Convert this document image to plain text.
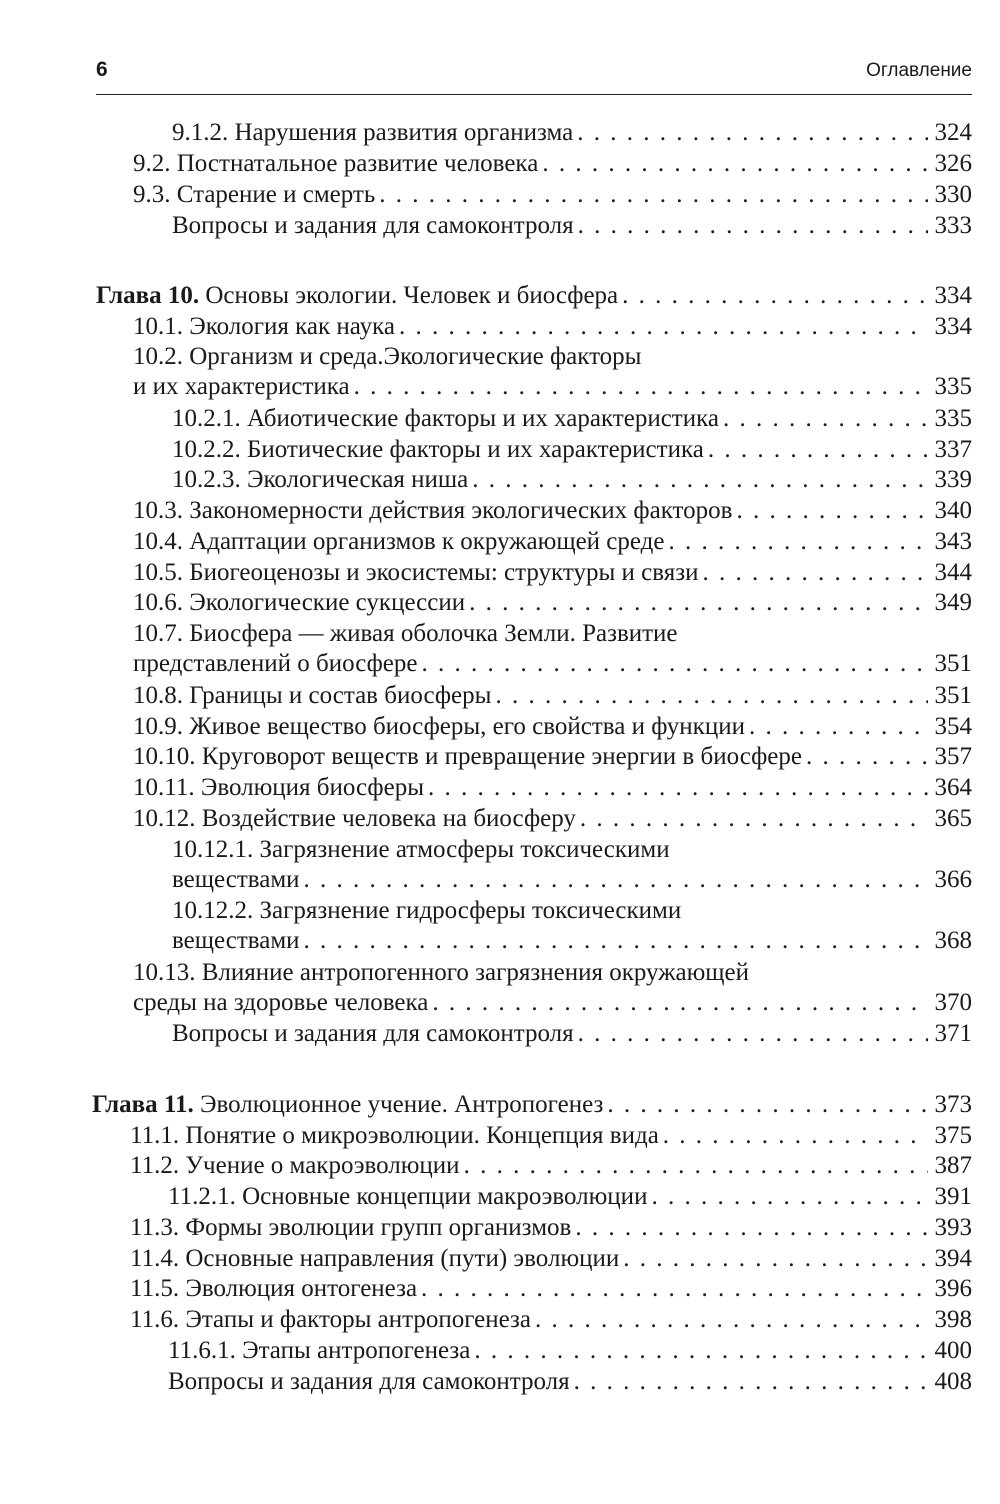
6	Оглавление
9.1.2. Нарушения развития организма . . .	324
9.2. Постнатальное развитие человека . . .	326
9.3. Старение и смерть . . .	330
Вопросы и задания для самоконтроля . . .	333
Глава 10. Основы экологии. Человек и биосфера . . .	334
10.1. Экология как наука . . .	334
10.2. Организм и среда.Экологические факторы
и их характеристика . . .	335
10.2.1. Абиотические факторы и их характеристика . . .	335
10.2.2. Биотические факторы и их характеристика . . .	337
10.2.3. Экологическая ниша . . .	339
10.3. Закономерности действия экологических факторов . . .	340
10.4. Адаптации организмов к окружающей среде . . .	343
10.5. Биогеоценозы и экосистемы: структуры и связи . . .	344
10.6. Экологические сукцессии . . .	349
10.7. Биосфера — живая оболочка Земли. Развитие
представлений о биосфере . . .	351
10.8. Границы и состав биосферы . . .	351
10.9. Живое вещество биосферы, его свойства и функции . . .	354
10.10. Круговорот веществ и превращение энергии в биосфере . . .	357
10.11. Эволюция биосферы . . .	364
10.12. Воздействие человека на биосферу . . .	365
10.12.1. Загрязнение атмосферы токсическими
веществами . . .	366
10.12.2. Загрязнение гидросферы токсическими
веществами . . .	368
10.13. Влияние антропогенного загрязнения окружающей
среды на здоровье человека . . .	370
Вопросы и задания для самоконтроля . . .	371
Глава 11. Эволюционное учение. Антропогенез . . .	373
11.1. Понятие о микроэволюции. Концепция вида . . .	375
11.2. Учение о макроэволюции . . .	387
11.2.1. Основные концепции макроэволюции . . .	391
11.3. Формы эволюции групп организмов . . .	393
11.4. Основные направления (пути) эволюции . . .	394
11.5. Эволюция онтогенеза . . .	396
11.6. Этапы и факторы антропогенеза . . .	398
11.6.1. Этапы антропогенеза . . .	400
Вопросы и задания для самоконтроля . . .	408
